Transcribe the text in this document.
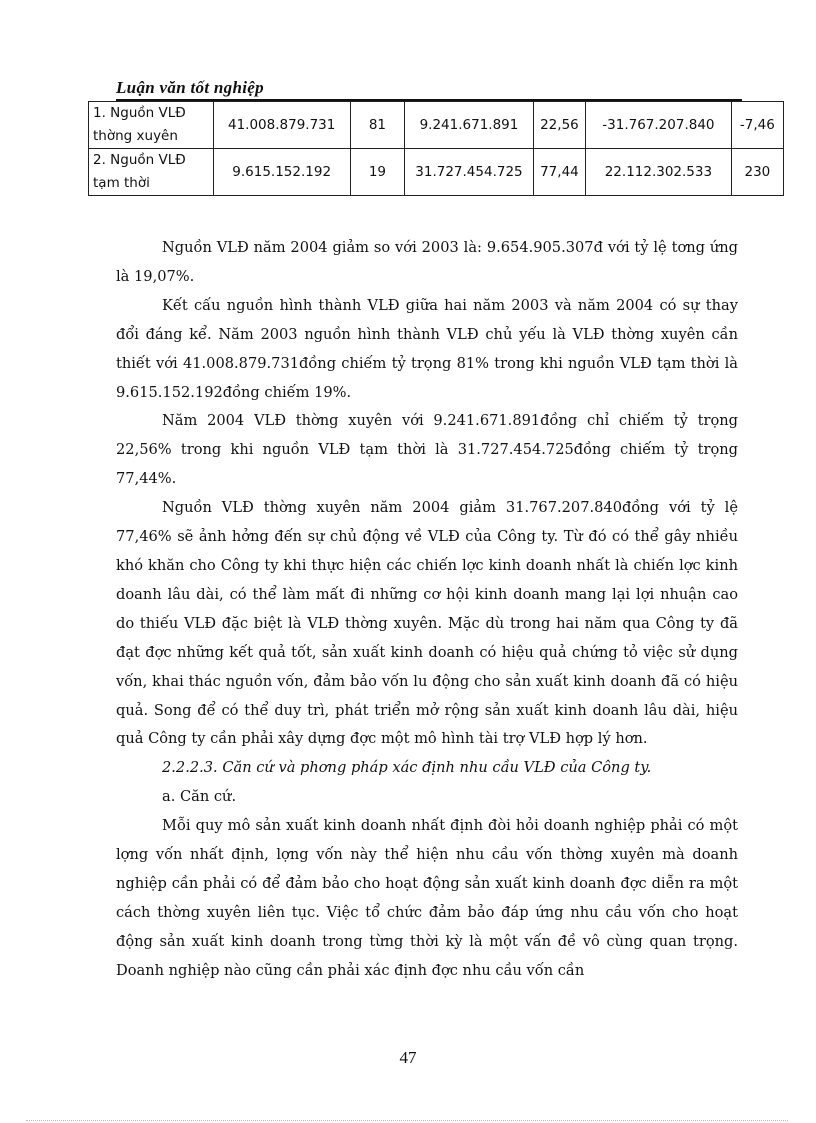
Luận văn tốt nghiệp
1. Nguồn VLĐ thờng xuyên	41.008.879.731	81	9.241.671.891	22,56	-31.767.207.840	-7,46
2. Nguồn VLĐ tạm thời	9.615.152.192	19	31.727.454.725	77,44	22.112.302.533	230

Nguồn VLĐ năm 2004 giảm so với 2003 là: 9.654.905.307đ với tỷ lệ tơng ứng là 19,07%.

Kết cấu nguồn hình thành VLĐ giữa hai năm 2003 và năm 2004 có sự thay đổi đáng kể. Năm 2003 nguồn hình thành VLĐ chủ yếu là VLĐ thờng xuyên cần thiết với 41.008.879.731đồng chiếm tỷ trọng 81% trong khi nguồn VLĐ tạm thời là 9.615.152.192đồng chiếm 19%.

Năm 2004 VLĐ thờng xuyên với 9.241.671.891đồng chỉ chiếm tỷ trọng 22,56% trong khi nguồn VLĐ tạm thời là 31.727.454.725đồng chiếm tỷ trọng 77,44%.

Nguồn VLĐ thờng xuyên năm 2004 giảm 31.767.207.840đồng với tỷ lệ 77,46% sẽ ảnh hởng đến sự chủ động về VLĐ của Công ty. Từ đó có thể gây nhiều khó khăn cho Công ty khi thực hiện các chiến lợc kinh doanh nhất là chiến lợc kinh doanh lâu dài, có thể làm mất đi những cơ hội kinh doanh mang lại lợi nhuận cao do thiếu VLĐ đặc biệt là VLĐ thờng xuyên. Mặc dù trong hai năm qua Công ty đã đạt đợc những kết quả tốt, sản xuất kinh doanh có hiệu quả chứng tỏ việc sử dụng vốn, khai thác nguồn vốn, đảm bảo vốn lu động cho sản xuất kinh doanh đã có hiệu quả. Song để có thể duy trì, phát triển mở rộng sản xuất kinh doanh lâu dài, hiệu quả Công ty cần phải xây dựng đợc một mô hình tài trợ VLĐ hợp lý hơn.

2.2.2.3. Căn cứ và phơng pháp xác định nhu cầu VLĐ của Công ty.

a. Căn cứ.

Mỗi quy mô sản xuất kinh doanh nhất định đòi hỏi doanh nghiệp phải có một lợng vốn nhất định, lợng vốn này thể hiện nhu cầu vốn thờng xuyên mà doanh nghiệp cần phải có để đảm bảo cho hoạt động sản xuất kinh doanh đợc diễn ra một cách thờng xuyên liên tục. Việc tổ chức đảm bảo đáp ứng nhu cầu vốn cho hoạt động sản xuất kinh doanh trong từng thời kỳ là một vấn đề vô cùng quan trọng. Doanh nghiệp nào cũng cần phải xác định đợc nhu cầu vốn cần

47
